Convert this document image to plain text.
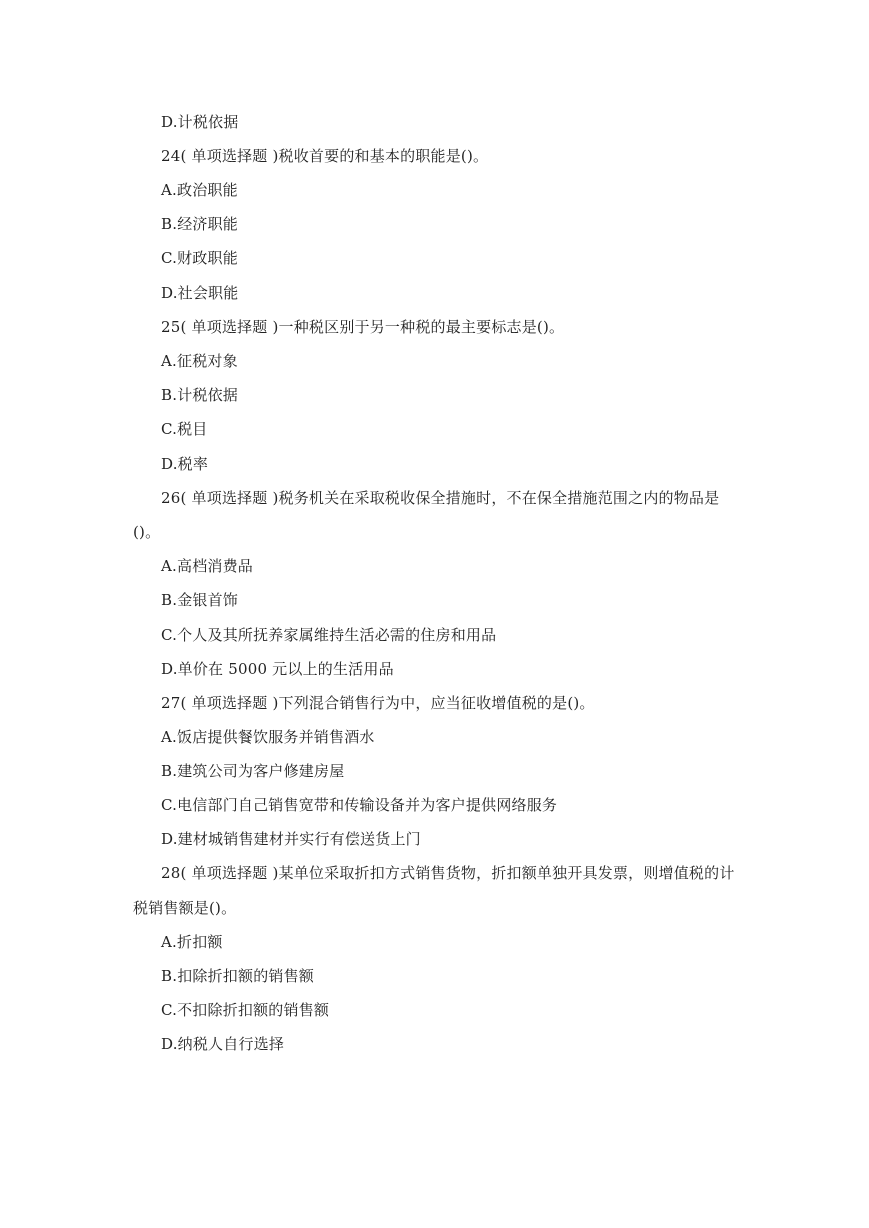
D.计税依据
24( 单项选择题 )税收首要的和基本的职能是()。
A.政治职能
B.经济职能
C.财政职能
D.社会职能
25( 单项选择题 )一种税区别于另一种税的最主要标志是()。
A.征税对象
B.计税依据
C.税目
D.税率
26( 单项选择题 )税务机关在采取税收保全措施时，不在保全措施范围之内的物品是
()。
A.高档消费品
B.金银首饰
C.个人及其所抚养家属维持生活必需的住房和用品
D.单价在 5000 元以上的生活用品
27( 单项选择题 )下列混合销售行为中，应当征收增值税的是()。
A.饭店提供餐饮服务并销售酒水
B.建筑公司为客户修建房屋
C.电信部门自己销售宽带和传输设备并为客户提供网络服务
D.建材城销售建材并实行有偿送货上门
28( 单项选择题 )某单位采取折扣方式销售货物，折扣额单独开具发票，则增值税的计
税销售额是()。
A.折扣额
B.扣除折扣额的销售额
C.不扣除折扣额的销售额
D.纳税人自行选择
